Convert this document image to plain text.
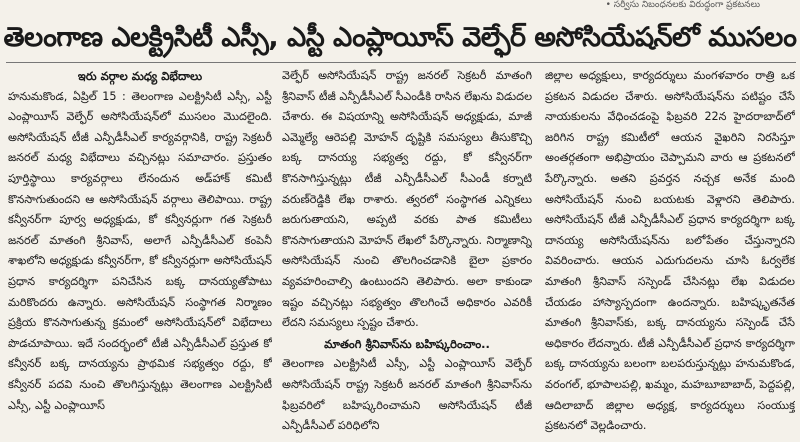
• సర్వీసు నిబంధనలకు విరుద్ధంగా ప్రకటనలు
తెలంగాణ ఎలక్ట్రిసిటీ ఎస్సీ, ఎస్టీ ఎంప్లాయీస్ వెల్ఫేర్ అసోసియేషన్‌లో ముసలం

ఇరు వర్గాల మధ్య విభేదాలు

హనుమకొండ, ఏప్రిల్ 15 : తెలంగాణ ఎలక్ట్రిసిటీ ఎస్సీ, ఎస్టీ ఎంప్లాయీస్ వెల్ఫేర్ అసోసియేషన్‌లో ముసలం మొదలైంది. అసోసియేషన్ టీజీ ఎన్పీడీసీఎల్ కార్యవర్గానికి, రాష్ట్ర సెక్రటరీ జనరల్ మధ్య విభేదాలు వచ్చినట్లు సమాచారం. ప్రస్తుతం పూర్తిస్థాయి కార్యవర్గాలు లేనందున అడ్‌హాక్ కమిటీ కొనసాగుతుందని ఆ అసోసియేషన్ వర్గాలు తెలిపాయి. రాష్ట్ర కన్వీనర్‌గా పూర్వ అధ్యక్షుడు, కో కన్వీనర్లుగా గత సెక్రటరీ జనరల్ మాతంగి శ్రీనివాస్, అలాగే ఎన్పీడీసీఎల్ కంపెనీ శాఖలోని అధ్యక్షుడు కన్వీనర్‌గా, కో కన్వీనర్లుగా అసోసియేషన్ ప్రధాన కార్యదర్శిగా పనిచేసిన బక్క దానయ్యతోపాటు మరికొందరు ఉన్నారు. అసోసియేషన్ సంస్థాగత నిర్మాణం ప్రక్రియ కొనసాగుతున్న క్రమంలో అసోసియేషన్‌లో విభేదాలు పొడచూపాయి. ఇదే సందర్భంలో టీజీ ఎన్పీడీసీఎల్ ప్రస్తుత కో కన్వీనర్ బక్క దానయ్యను ప్రాథమిక సభ్యత్వం రద్దు, కో కన్వీనర్ పదవి నుంచి తొలగిస్తున్నట్లు తెలంగాణ ఎలక్ట్రిసిటీ ఎస్సీ, ఎస్టీ ఎంప్లాయీస్

వెల్ఫేర్ అసోసియేషన్ రాష్ట్ర జనరల్ సెక్రటరీ మాతంగి శ్రీనివాస్ టీజీ ఎన్పీడీసీఎల్ సీఎండీకి రాసిన లేఖను విడుదల చేశారు. ఈ విషయాన్ని అసోసియేషన్ అధ్యక్షుడు, మాజీ ఎమ్మెల్యే ఆరెపల్లి మోహన్ దృష్టికి సమస్యలు తీసుకొచ్చి బక్క దానయ్య సభ్యత్వ రద్దు, కో కన్వీనర్‌గా కొనసాగిస్తున్నట్లు టీజీ ఎన్పీడీసీఎల్ సీఎండీ కర్నాటి వరుణ్‌రెడ్డికి లేఖ రాశారు. త్వరలో సంస్థాగత ఎన్నికలు జరుగుతాయని, అప్పటి వరకు పాత కమిటీలు కొనసాగుతాయని మోహన్ లేఖలో పేర్కొన్నారు. నిర్మాణాన్ని అసోసియేషన్ నుంచి తొలగించడానికి బైలా ప్రకారం వ్యవహరించాల్సి ఉంటుందని తెలిపారు. అలా కాకుండా ఇష్టం వచ్చినట్లు సభ్యత్వం తొలగించే అధికారం ఎవరికీ లేదని సమస్యలు స్పష్టం చేశారు.

మాతంగి శ్రీనివాస్‌ను బహిష్కరించాం..

తెలంగాణ ఎలక్ట్రిసిటీ ఎస్సీ, ఎస్టీ ఎంప్లాయీస్ వెల్ఫేర్ అసోసియేషన్ రాష్ట్ర సెక్రటరీ జనరల్ మాతంగి శ్రీనివాస్‌ను ఫిబ్రవరిలో బహిష్కరించామని అసోసియేషన్ టీజీ ఎన్పీడీసీఎల్ పరిధిలోని

జిల్లాల అధ్యక్షులు, కార్యదర్శులు మంగళవారం రాత్రి ఒక ప్రకటన విడుదల చేశారు. అసోసియేషన్‌ను పటిష్టం చేసే నాయకులను వేధించడంపై ఫిబ్రవరి 22న హైదరాబాద్‌లో జరిగిన రాష్ట్ర కమిటీలో ఆయన వైఖరిని నిరసిస్తూ అంతర్గతంగా అభిప్రాయం చెప్పామని వారు ఆ ప్రకటనలో పేర్కొన్నారు. అతని ప్రవర్తన నచ్చక అనేక మంది అసోసియేషన్ నుంచి బయటకు వెళ్లారని తెలిపారు. అసోసియేషన్ టీజీ ఎన్పీడీసీఎల్ ప్రధాన కార్యదర్శిగా బక్క దానయ్య అసోసియేషన్‌ను బలోపేతం చేస్తున్నారని వివరించారు. ఆయన ఎదుగుదలను చూసి ఓర్వలేక మాతంగి శ్రీనివాస్ సస్పెండ్ చేసినట్లు లేఖ విడుదల చేయడం హాస్యాస్పదంగా ఉందన్నారు. బహిష్కృతనేత మాతంగి శ్రీనివాస్‌కు, బక్క దానయ్యను సస్పెండ్ చేసే అధికారం లేదన్నారు. టీజీ ఎన్పీడీసీఎల్ ప్రధాన కార్యదర్శిగా బక్క దానయ్యను బలంగా బలపరుస్తున్నట్లు హనుమకొండ, వరంగల్, భూపాలపల్లి, ఖమ్మం, మహబూబాబాద్, పెద్దపల్లి, ఆదిలాబాద్ జిల్లాల అధ్యక్ష, కార్యదర్శులు సంయుక్త ప్రకటనలో వెల్లడించారు.
